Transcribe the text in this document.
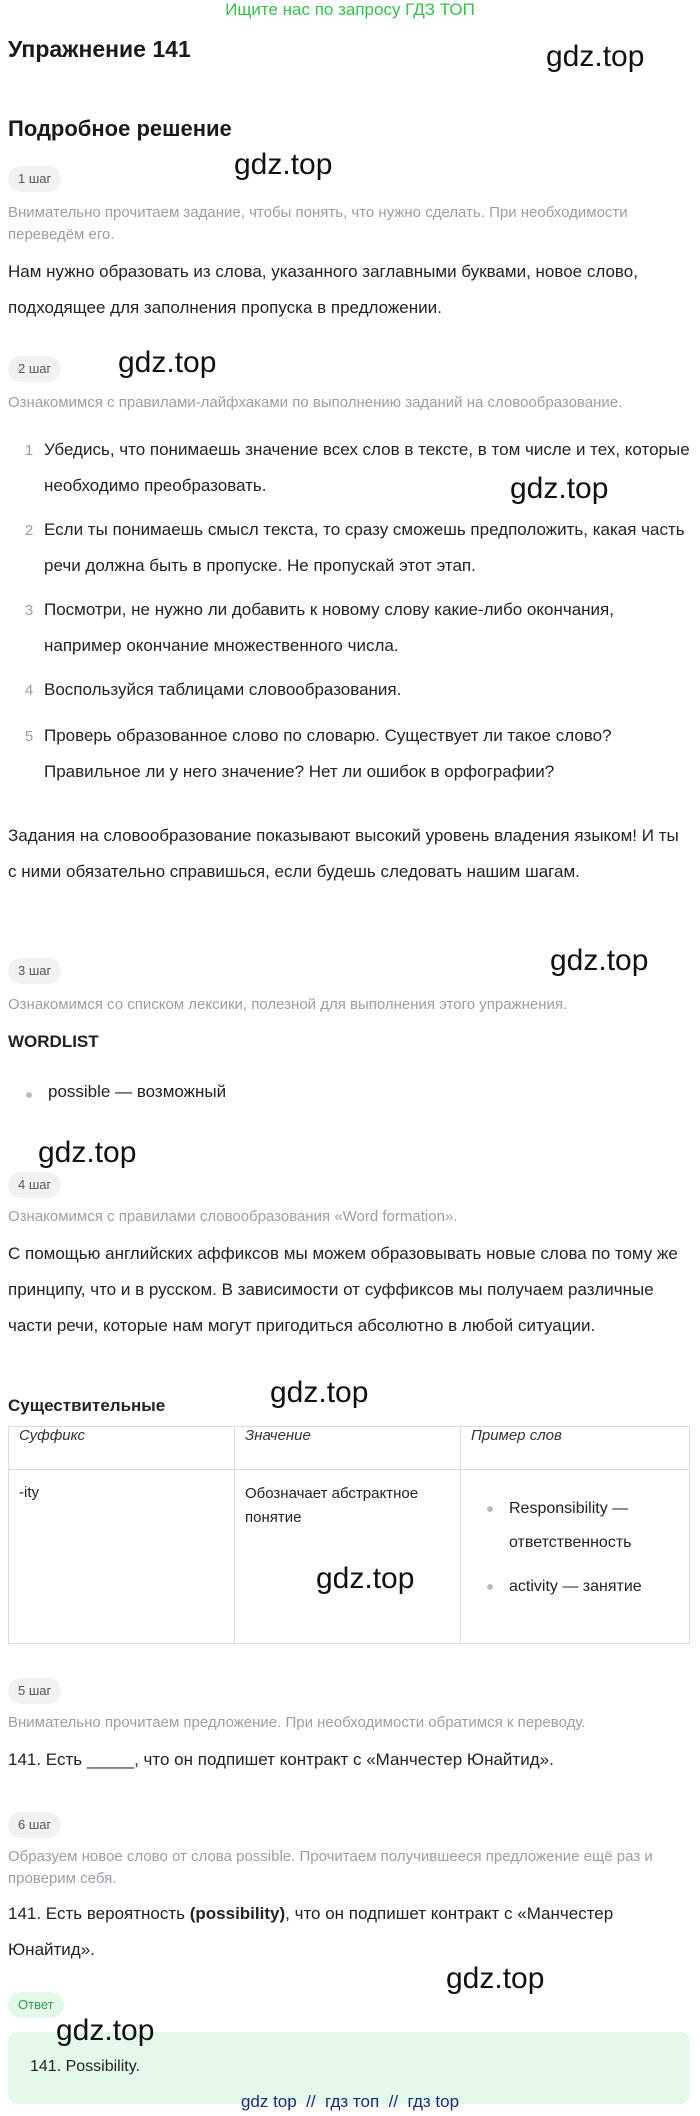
Ищите нас по запросу ГДЗ ТОП
Упражнение 141	gdz.top
Подробное решение
1 шаг	gdz.top
Внимательно прочитаем задание, чтобы понять, что нужно сделать. При необходимости переведём его.
Нам нужно образовать из слова, указанного заглавными буквами, новое слово, подходящее для заполнения пропуска в предложении.
2 шаг	gdz.top
Ознакомимся с правилами-лайфхаками по выполнению заданий на словообразование.
1 Убедись, что понимаешь значение всех слов в тексте, в том числе и тех, которые необходимо преобразовать.	gdz.top
2 Если ты понимаешь смысл текста, то сразу сможешь предположить, какая часть речи должна быть в пропуске. Не пропускай этот этап.
3 Посмотри, не нужно ли добавить к новому слову какие-либо окончания, например окончание множественного числа.
4 Воспользуйся таблицами словообразования.
5 Проверь образованное слово по словарю. Существует ли такое слово? Правильное ли у него значение? Нет ли ошибок в орфографии?
Задания на словообразование показывают высокий уровень владения языком! И ты с ними обязательно справишься, если будешь следовать нашим шагам.
3 шаг	gdz.top
Ознакомимся со списком лексики, полезной для выполнения этого упражнения.
WORDLIST
possible — возможный
gdz.top
4 шаг
Ознакомимся с правилами словообразования «Word formation».
С помощью английских аффиксов мы можем образовывать новые слова по тому же принципу, что и в русском. В зависимости от суффиксов мы получаем различные части речи, которые нам могут пригодиться абсолютно в любой ситуации.
Существительные	gdz.top
Суффикс	Значение	Пример слов
-ity	Обозначает абстрактное понятие	Responsibility — ответственность
activity — занятие
gdz.top
5 шаг
Внимательно прочитаем предложение. При необходимости обратимся к переводу.
141. Есть _____, что он подпишет контракт с «Манчестер Юнайтид».
6 шаг
Образуем новое слово от слова possible. Прочитаем получившееся предложение ещё раз и проверим себя.
141. Есть вероятность (possibility), что он подпишет контракт с «Манчестер Юнайтид».
gdz.top
Ответ
gdz.top
141. Possibility.
gdz top  //  гдз топ  //  гдз top
